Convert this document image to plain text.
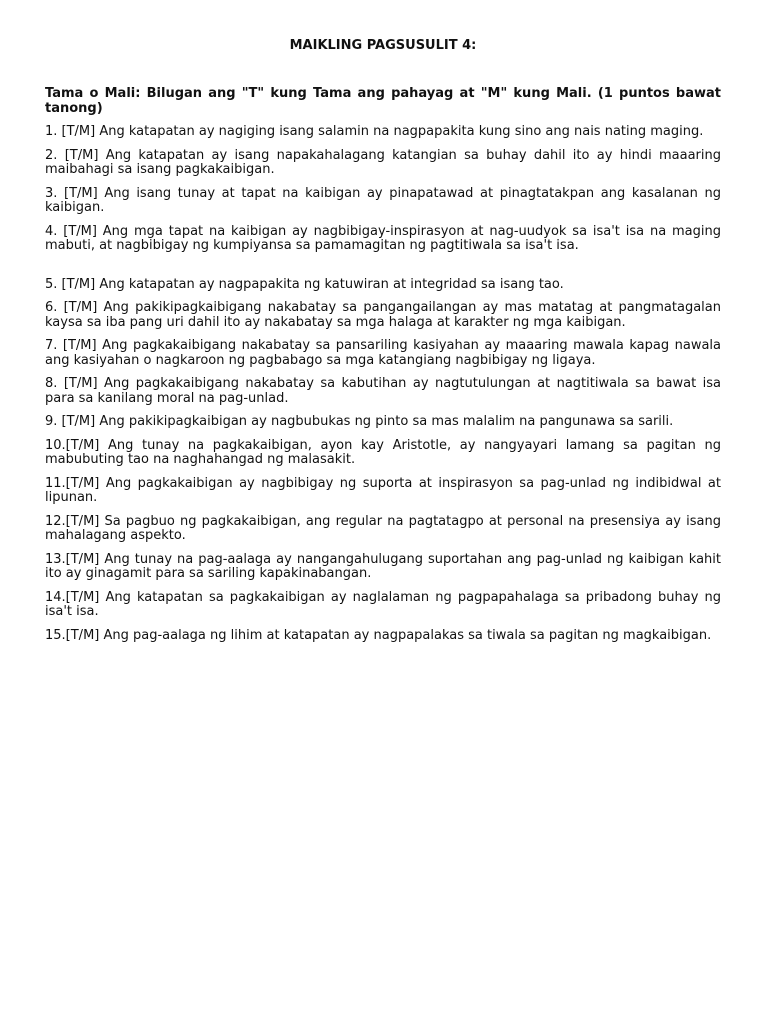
MAIKLING PAGSUSULIT 4:

Tama o Mali: Bilugan ang "T" kung Tama ang pahayag at "M" kung Mali. (1 puntos bawat tanong)

1. [T/M] Ang katapatan ay nagiging isang salamin na nagpapakita kung sino ang nais nating maging.
2. [T/M] Ang katapatan ay isang napakahalagang katangian sa buhay dahil ito ay hindi maaaring maibahagi sa isang pagkakaibigan.
3. [T/M] Ang isang tunay at tapat na kaibigan ay pinapatawad at pinagtatakpan ang kasalanan ng kaibigan.
4. [T/M] Ang mga tapat na kaibigan ay nagbibigay-inspirasyon at nag-uudyok sa isa't isa na maging mabuti, at nagbibigay ng kumpiyansa sa pamamagitan ng pagtitiwala sa isa't isa.
5. [T/M] Ang katapatan ay nagpapakita ng katuwiran at integridad sa isang tao.
6. [T/M] Ang pakikipagkaibigang nakabatay sa pangangailangan ay mas matatag at pangmatagalan kaysa sa iba pang uri dahil ito ay nakabatay sa mga halaga at karakter ng mga kaibigan.
7. [T/M] Ang pagkakaibigang nakabatay sa pansariling kasiyahan ay maaaring mawala kapag nawala ang kasiyahan o nagkaroon ng pagbabago sa mga katangiang nagbibigay ng ligaya.
8. [T/M] Ang pagkakaibigang nakabatay sa kabutihan ay nagtutulungan at nagtitiwala sa bawat isa para sa kanilang moral na pag-unlad.
9. [T/M] Ang pakikipagkaibigan ay nagbubukas ng pinto sa mas malalim na pangunawa sa sarili.
10.[T/M] Ang tunay na pagkakaibigan, ayon kay Aristotle, ay nangyayari lamang sa pagitan ng mabubuting tao na naghahangad ng malasakit.
11.[T/M] Ang pagkakaibigan ay nagbibigay ng suporta at inspirasyon sa pag-unlad ng indibidwal at lipunan.
12.[T/M] Sa pagbuo ng pagkakaibigan, ang regular na pagtatagpo at personal na presensiya ay isang mahalagang aspekto.
13.[T/M] Ang tunay na pag-aalaga ay nangangahulugang suportahan ang pag-unlad ng kaibigan kahit ito ay ginagamit para sa sariling kapakinabangan.
14.[T/M] Ang katapatan sa pagkakaibigan ay naglalaman ng pagpapahalaga sa pribadong buhay ng isa't isa.
15.[T/M] Ang pag-aalaga ng lihim at katapatan ay nagpapalakas sa tiwala sa pagitan ng magkaibigan.
